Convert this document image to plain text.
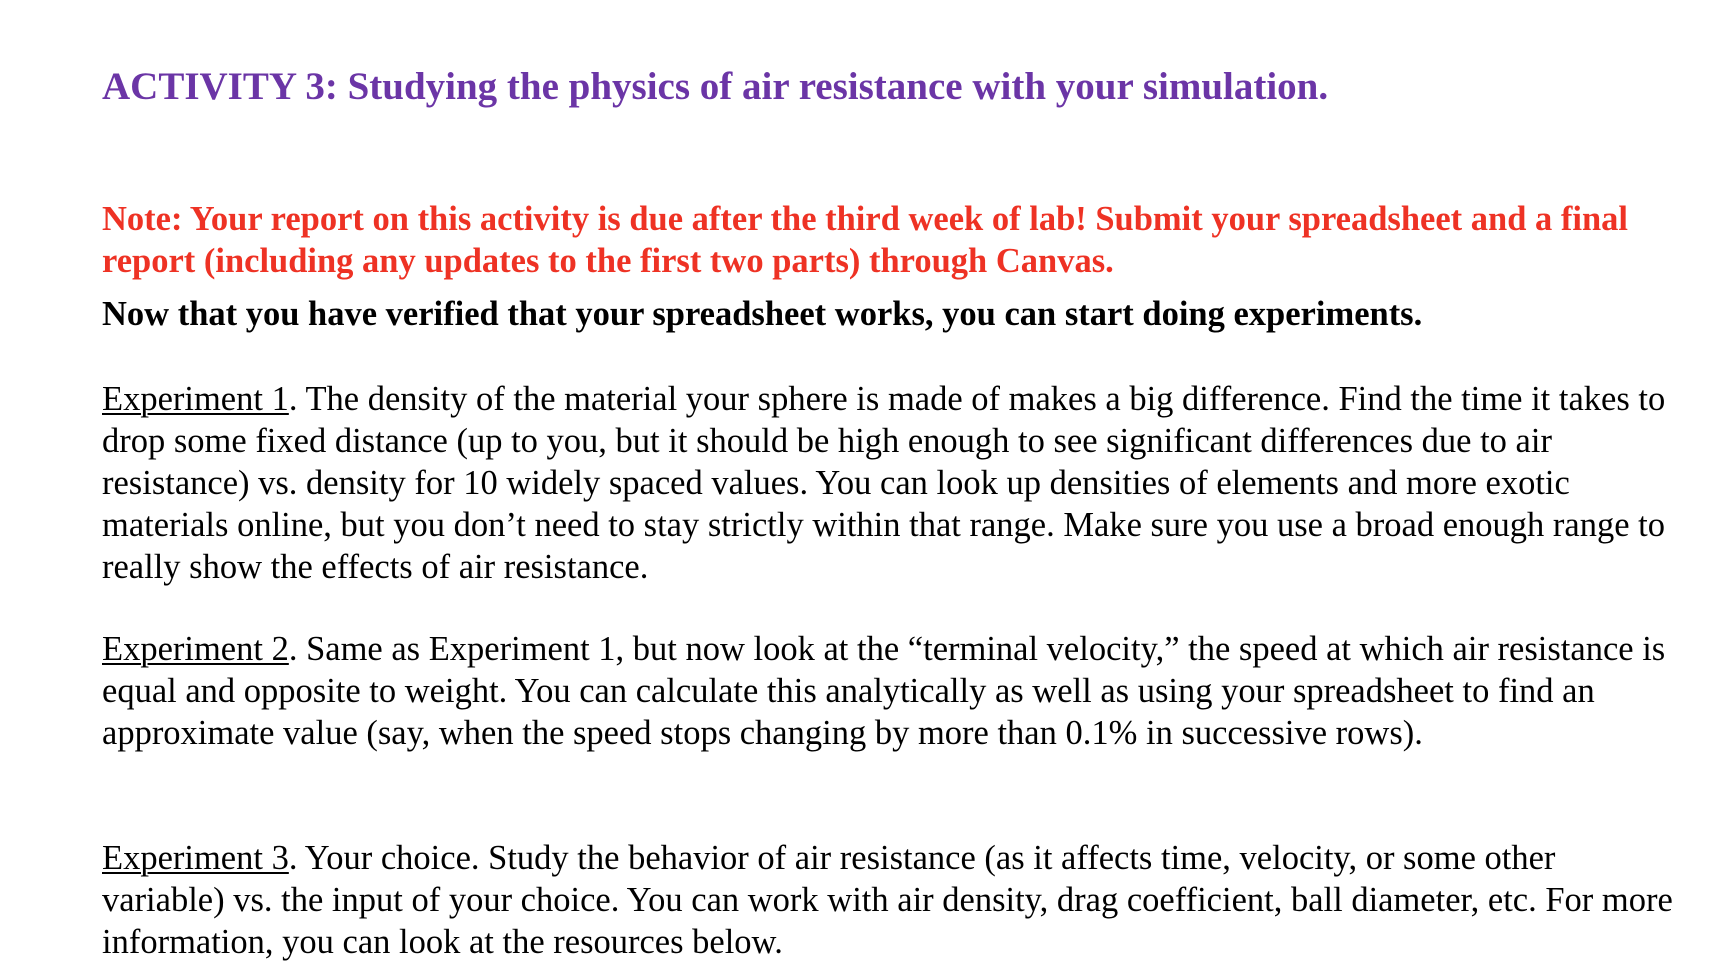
ACTIVITY 3: Studying the physics of air resistance with your simulation.

Note: Your report on this activity is due after the third week of lab! Submit your spreadsheet and a final report (including any updates to the first two parts) through Canvas.

Now that you have verified that your spreadsheet works, you can start doing experiments.

Experiment 1. The density of the material your sphere is made of makes a big difference. Find the time it takes to drop some fixed distance (up to you, but it should be high enough to see significant differences due to air resistance) vs. density for 10 widely spaced values. You can look up densities of elements and more exotic materials online, but you don’t need to stay strictly within that range. Make sure you use a broad enough range to really show the effects of air resistance.

Experiment 2. Same as Experiment 1, but now look at the “terminal velocity,” the speed at which air resistance is equal and opposite to weight. You can calculate this analytically as well as using your spreadsheet to find an approximate value (say, when the speed stops changing by more than 0.1% in successive rows).

Experiment 3. Your choice. Study the behavior of air resistance (as it affects time, velocity, or some other variable) vs. the input of your choice. You can work with air density, drag coefficient, ball diameter, etc. For more information, you can look at the resources below.
